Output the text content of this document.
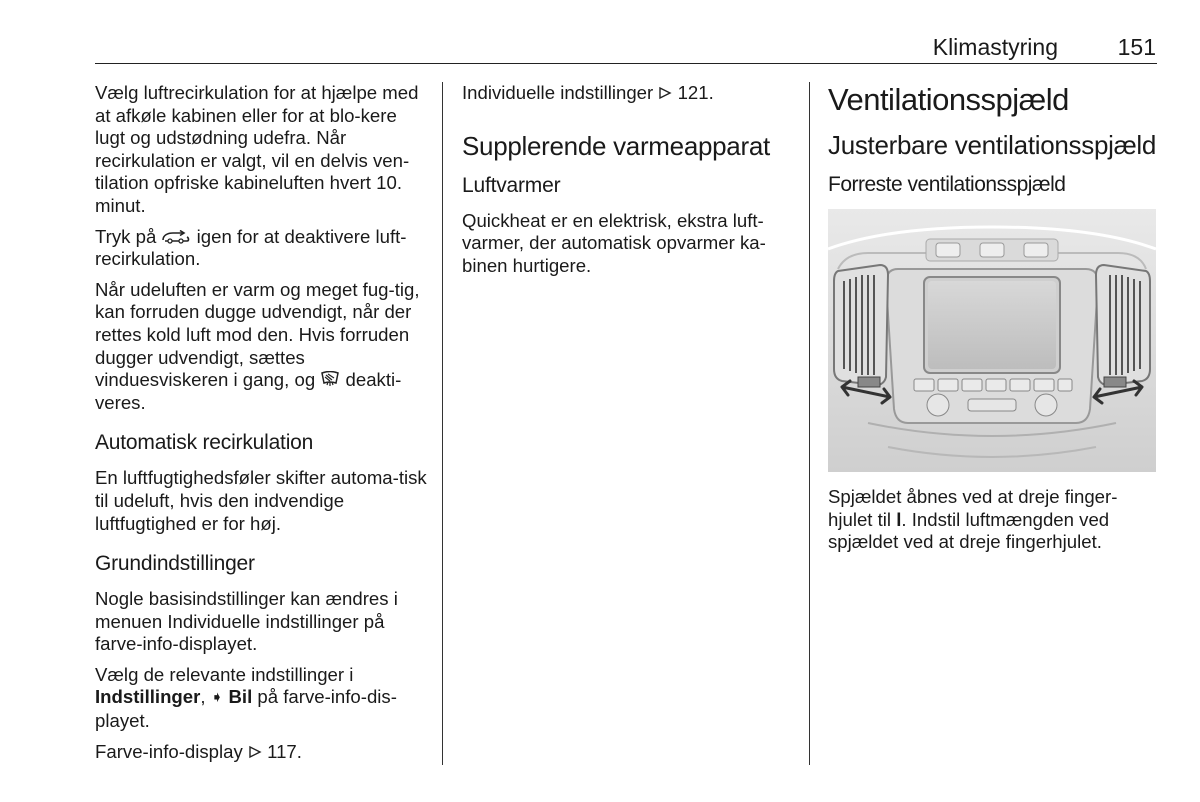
Klimastyring	151

Vælg luftrecirkulation for at hjælpe med at afkøle kabinen eller for at blo-kere lugt og udstødning udefra. Når recirkulation er valgt, vil en delvis ven-tilation opfriske kabineluften hvert 10. minut.

Tryk på igen for at deaktivere luft-recirkulation.

Når udeluften er varm og meget fug-tig, kan forruden dugge udvendigt, når der rettes kold luft mod den. Hvis forruden dugger udvendigt, sættes vinduesviskeren i gang, og deakti-veres.

Automatisk recirkulation

En luftfugtighedsføler skifter automa-tisk til udeluft, hvis den indvendige luftfugtighed er for høj.

Grundindstillinger

Nogle basisindstillinger kan ændres i menuen Individuelle indstillinger på farve-info-displayet.

Vælg de relevante indstillinger i Indstillinger, ➧ Bil på farve-info-dis-playet.

Farve-info-display 117.

Individuelle indstillinger 121.

Supplerende varmeapparat
Luftvarmer

Quickheat er en elektrisk, ekstra luft-varmer, der automatisk opvarmer ka-binen hurtigere.

Ventilationsspjæld
Justerbare ventilationsspjæld
Forreste ventilationsspjæld

Spjældet åbnes ved at dreje finger-hjulet til l. Indstil luftmængden ved spjældet ved at dreje fingerhjulet.
